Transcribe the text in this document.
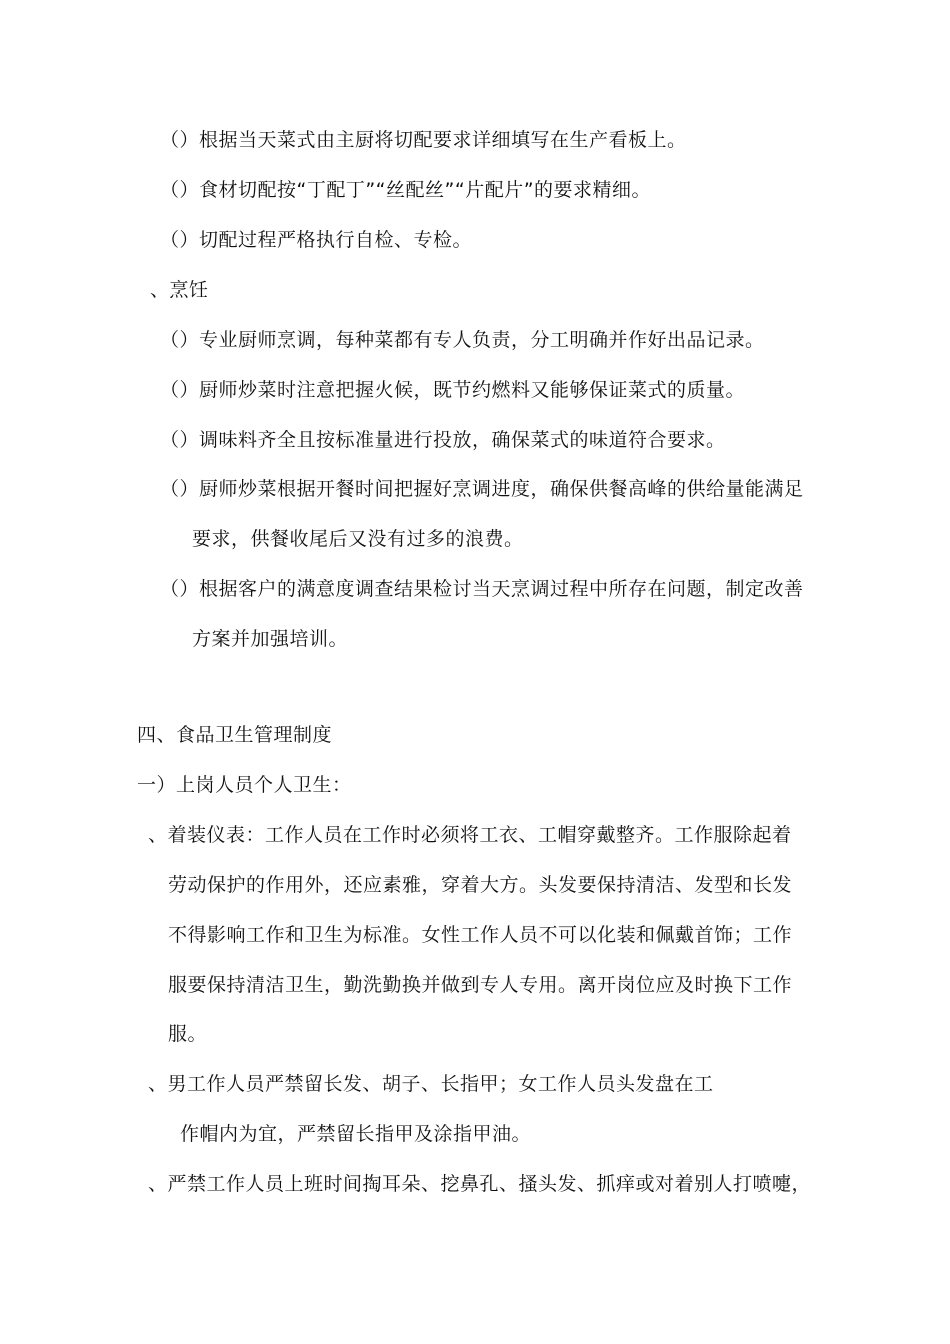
（）根据当天菜式由主厨将切配要求详细填写在生产看板上。
（）食材切配按“丁配丁”“丝配丝”“片配片”的要求精细。
（）切配过程严格执行自检、专检。
、烹饪
（）专业厨师烹调，每种菜都有专人负责，分工明确并作好出品记录。
（）厨师炒菜时注意把握火候，既节约燃料又能够保证菜式的质量。
（）调味料齐全且按标准量进行投放，确保菜式的味道符合要求。
（）厨师炒菜根据开餐时间把握好烹调进度，确保供餐高峰的供给量能满足
要求，供餐收尾后又没有过多的浪费。
（）根据客户的满意度调查结果检讨当天烹调过程中所存在问题，制定改善
方案并加强培训。
四、食品卫生管理制度
一）上岗人员个人卫生：
、着装仪表：工作人员在工作时必须将工衣、工帽穿戴整齐。工作服除起着
劳动保护的作用外，还应素雅，穿着大方。头发要保持清洁、发型和长发
不得影响工作和卫生为标准。女性工作人员不可以化装和佩戴首饰；工作
服要保持清洁卫生，勤洗勤换并做到专人专用。离开岗位应及时换下工作
服。
、男工作人员严禁留长发、胡子、长指甲；女工作人员头发盘在工
作帽内为宜，严禁留长指甲及涂指甲油。
、严禁工作人员上班时间掏耳朵、挖鼻孔、搔头发、抓痒或对着别人打喷嚏，
